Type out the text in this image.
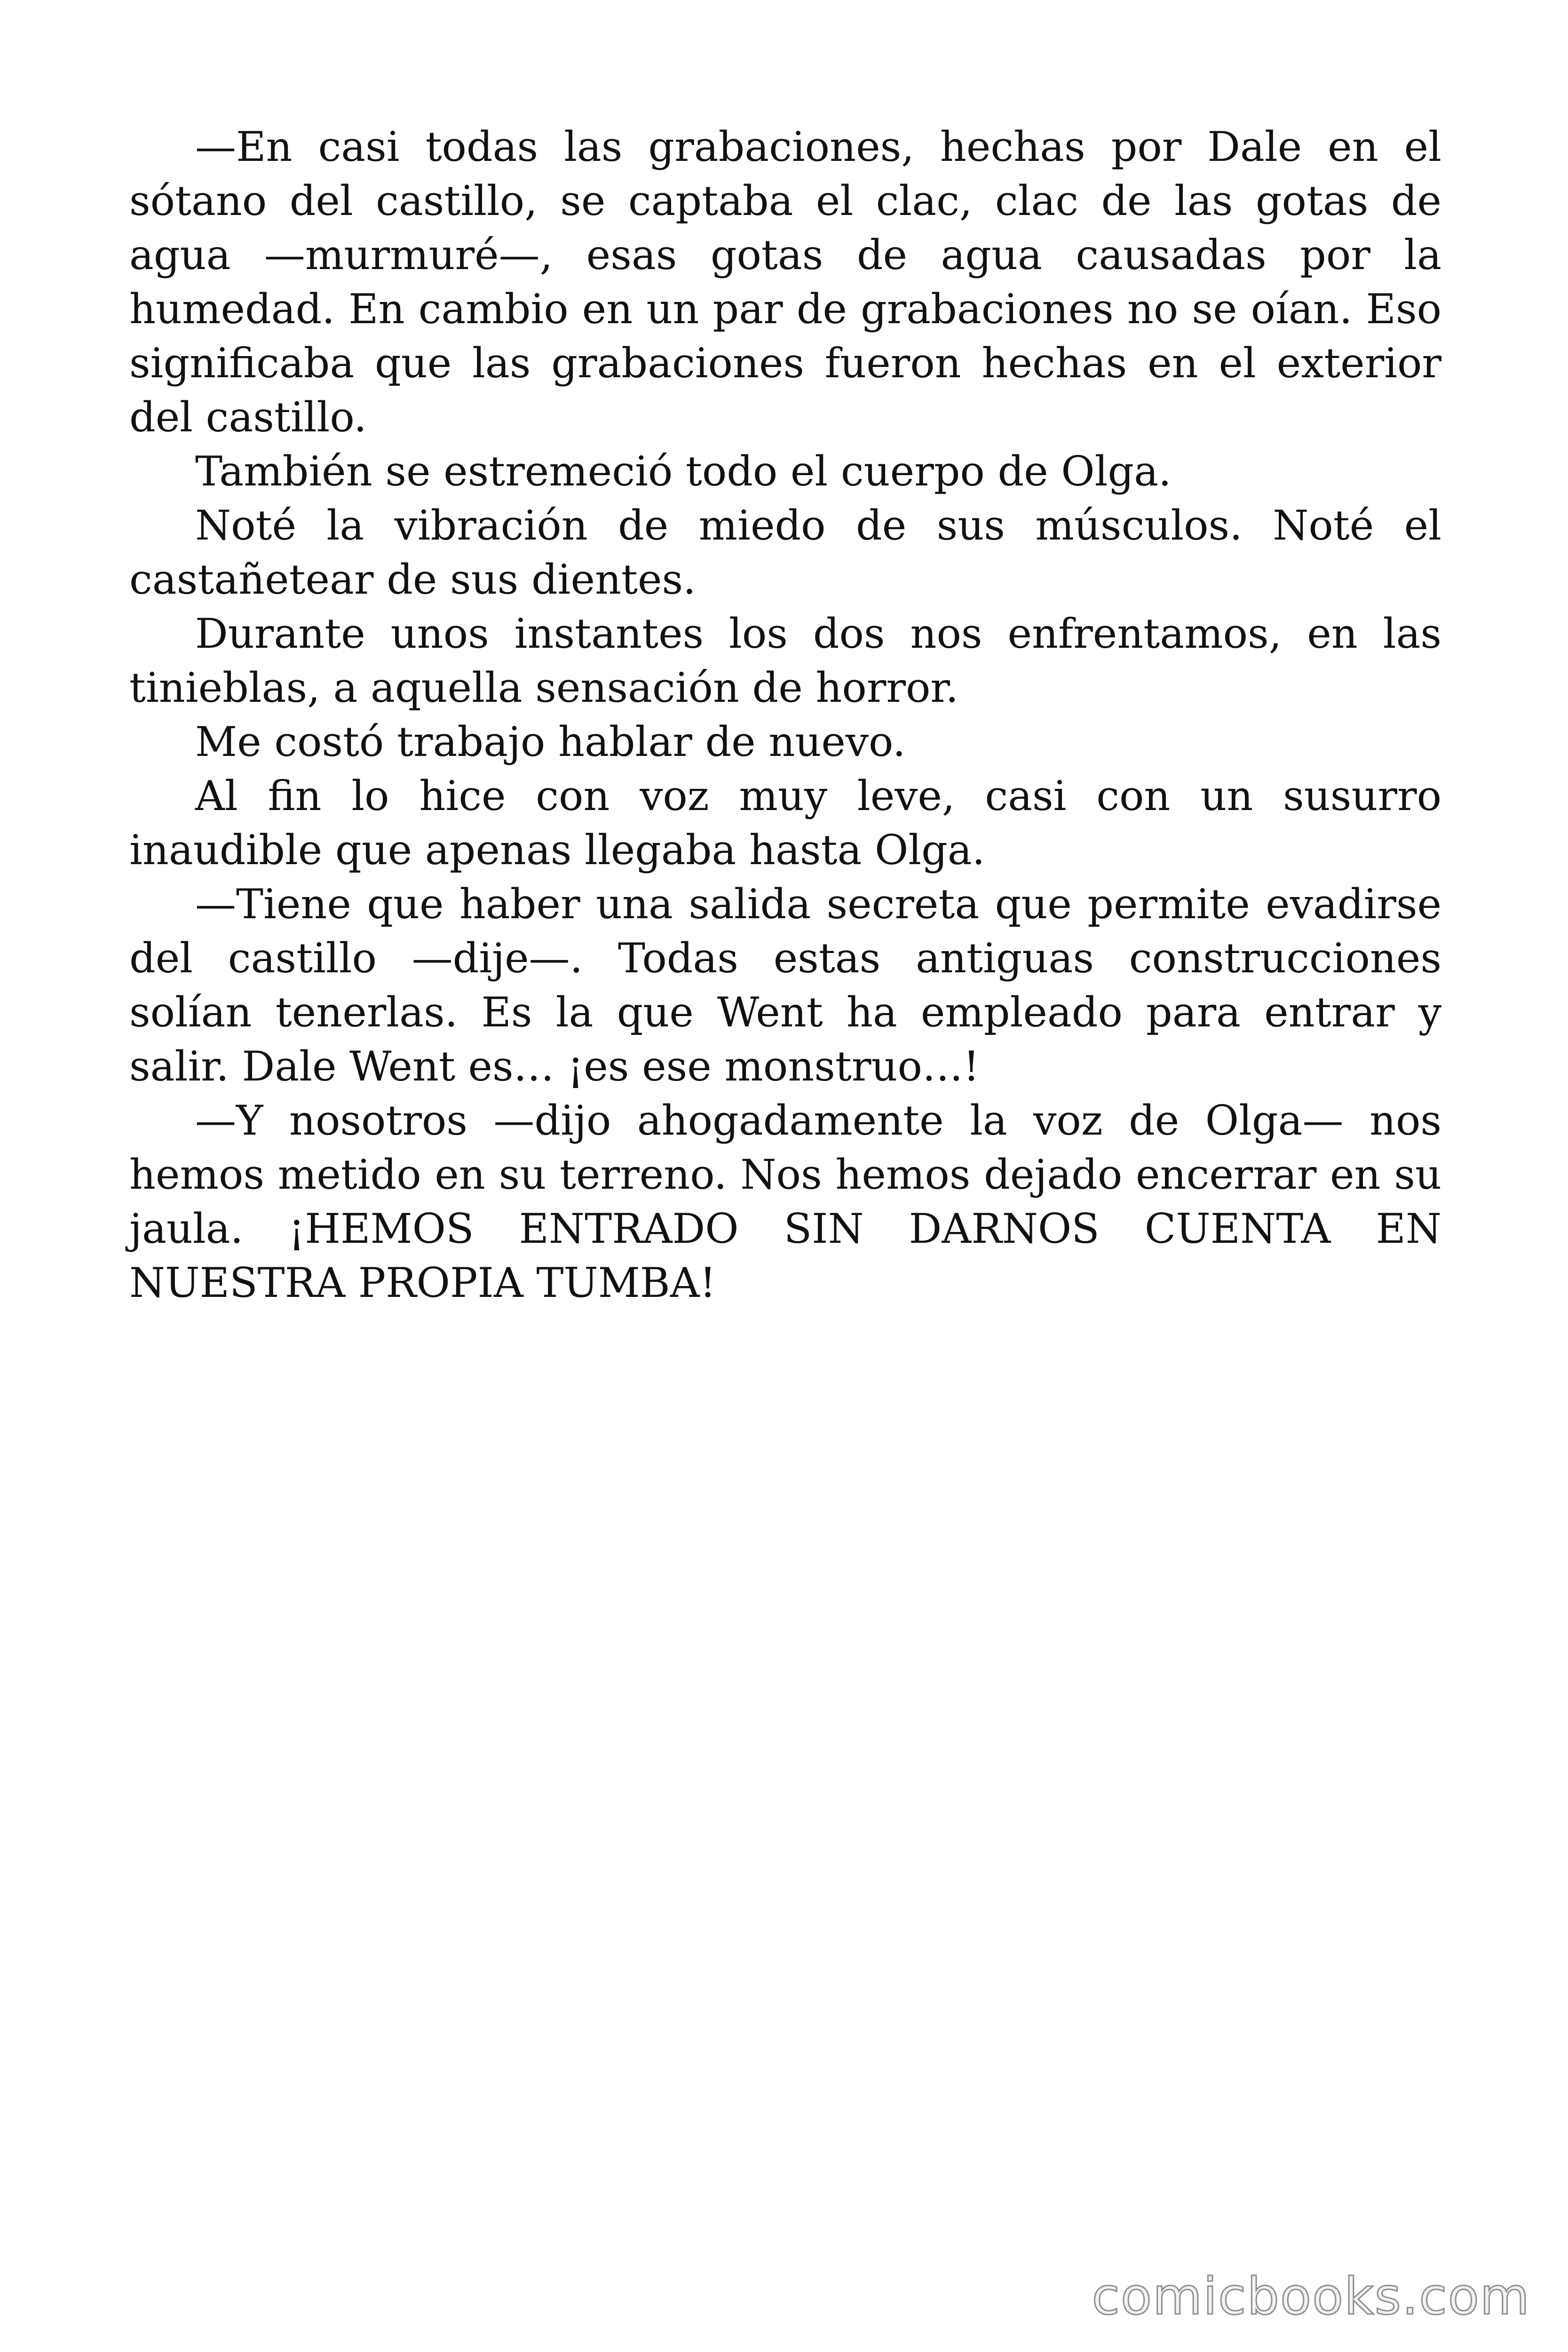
—En casi todas las grabaciones, hechas por Dale en el sótano del castillo, se captaba el clac, clac de las gotas de agua —murmuré—, esas gotas de agua causadas por la humedad. En cambio en un par de grabaciones no se oían. Eso significaba que las grabaciones fueron hechas en el exterior del castillo.

También se estremeció todo el cuerpo de Olga.

Noté la vibración de miedo de sus músculos. Noté el castañetear de sus dientes.

Durante unos instantes los dos nos enfrentamos, en las tinieblas, a aquella sensación de horror.

Me costó trabajo hablar de nuevo.

Al fin lo hice con voz muy leve, casi con un susurro inaudible que apenas llegaba hasta Olga.

—Tiene que haber una salida secreta que permite evadirse del castillo —dije—. Todas estas antiguas construcciones solían tenerlas. Es la que Went ha empleado para entrar y salir. Dale Went es… ¡es ese monstruo…!

—Y nosotros —dijo ahogadamente la voz de Olga— nos hemos metido en su terreno. Nos hemos dejado encerrar en su jaula. ¡HEMOS ENTRADO SIN DARNOS CUENTA EN NUESTRA PROPIA TUMBA!

comicbooks.com
